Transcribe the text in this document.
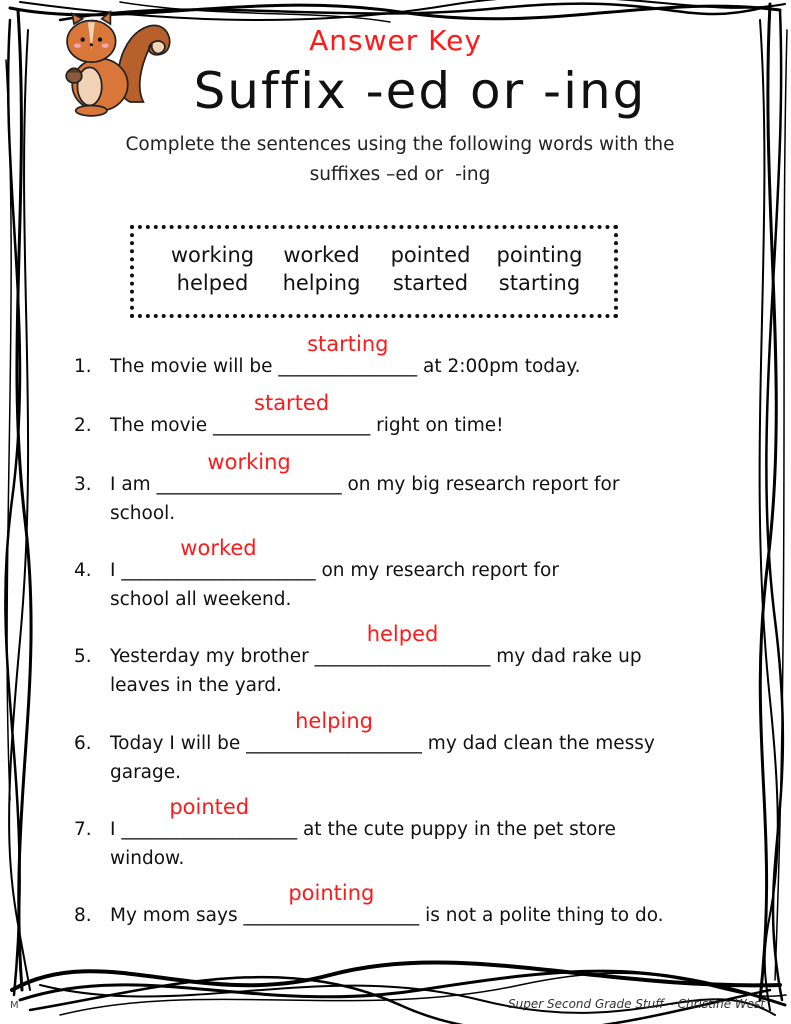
Answer Key
Suffix -ed or -ing
Complete the sentences using the following words with the
suffixes –ed or  -ing
working	worked	pointed	pointing
helped	helping	started	starting
1. The movie will be _______________
starting
at 2:00pm today.
2. The movie _________________
started
right on time!
3. I am ____________________
working
on my big research report for
school.
4. I _____________________
worked
on my research report for
school all weekend.
5. Yesterday my brother ___________________
helped
my dad rake up
leaves in the yard.
6. Today I will be ___________________
helping
my dad clean the messy
garage.
7. I ___________________
pointed
at the cute puppy in the pet store
window.
8. My mom says ___________________
pointing
is not a polite thing to do.
M	Super Second Grade Stuff – Christine West
